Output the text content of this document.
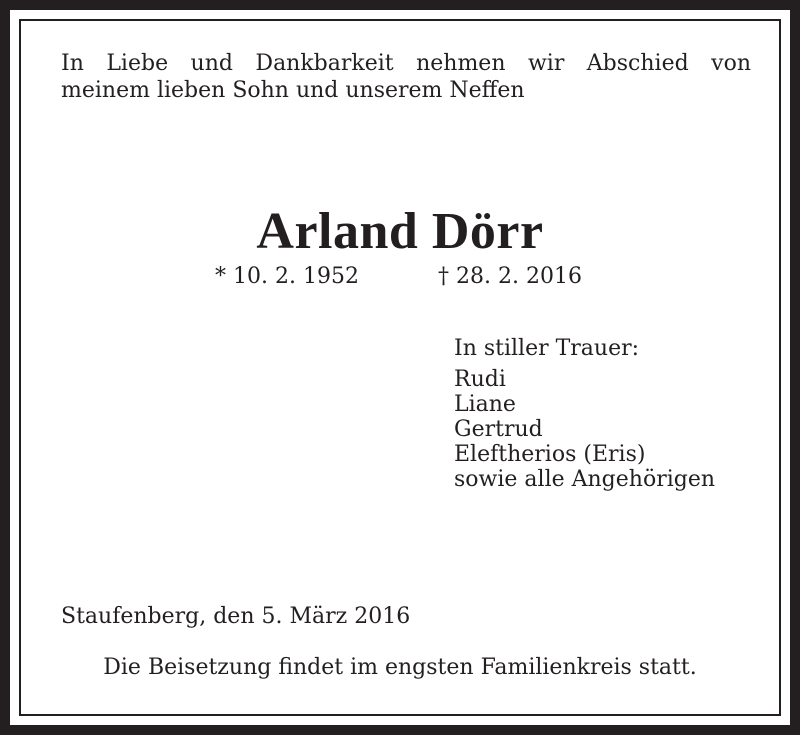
In Liebe und Dankbarkeit nehmen wir Abschied von
meinem lieben Sohn und unserem Neffen

Arland Dörr

* 10. 2. 1952	† 28. 2. 2016

In stiller Trauer:
Rudi
Liane
Gertrud
Eleftherios (Eris)
sowie alle Angehörigen

Staufenberg, den 5. März 2016

Die Beisetzung findet im engsten Familienkreis statt.
